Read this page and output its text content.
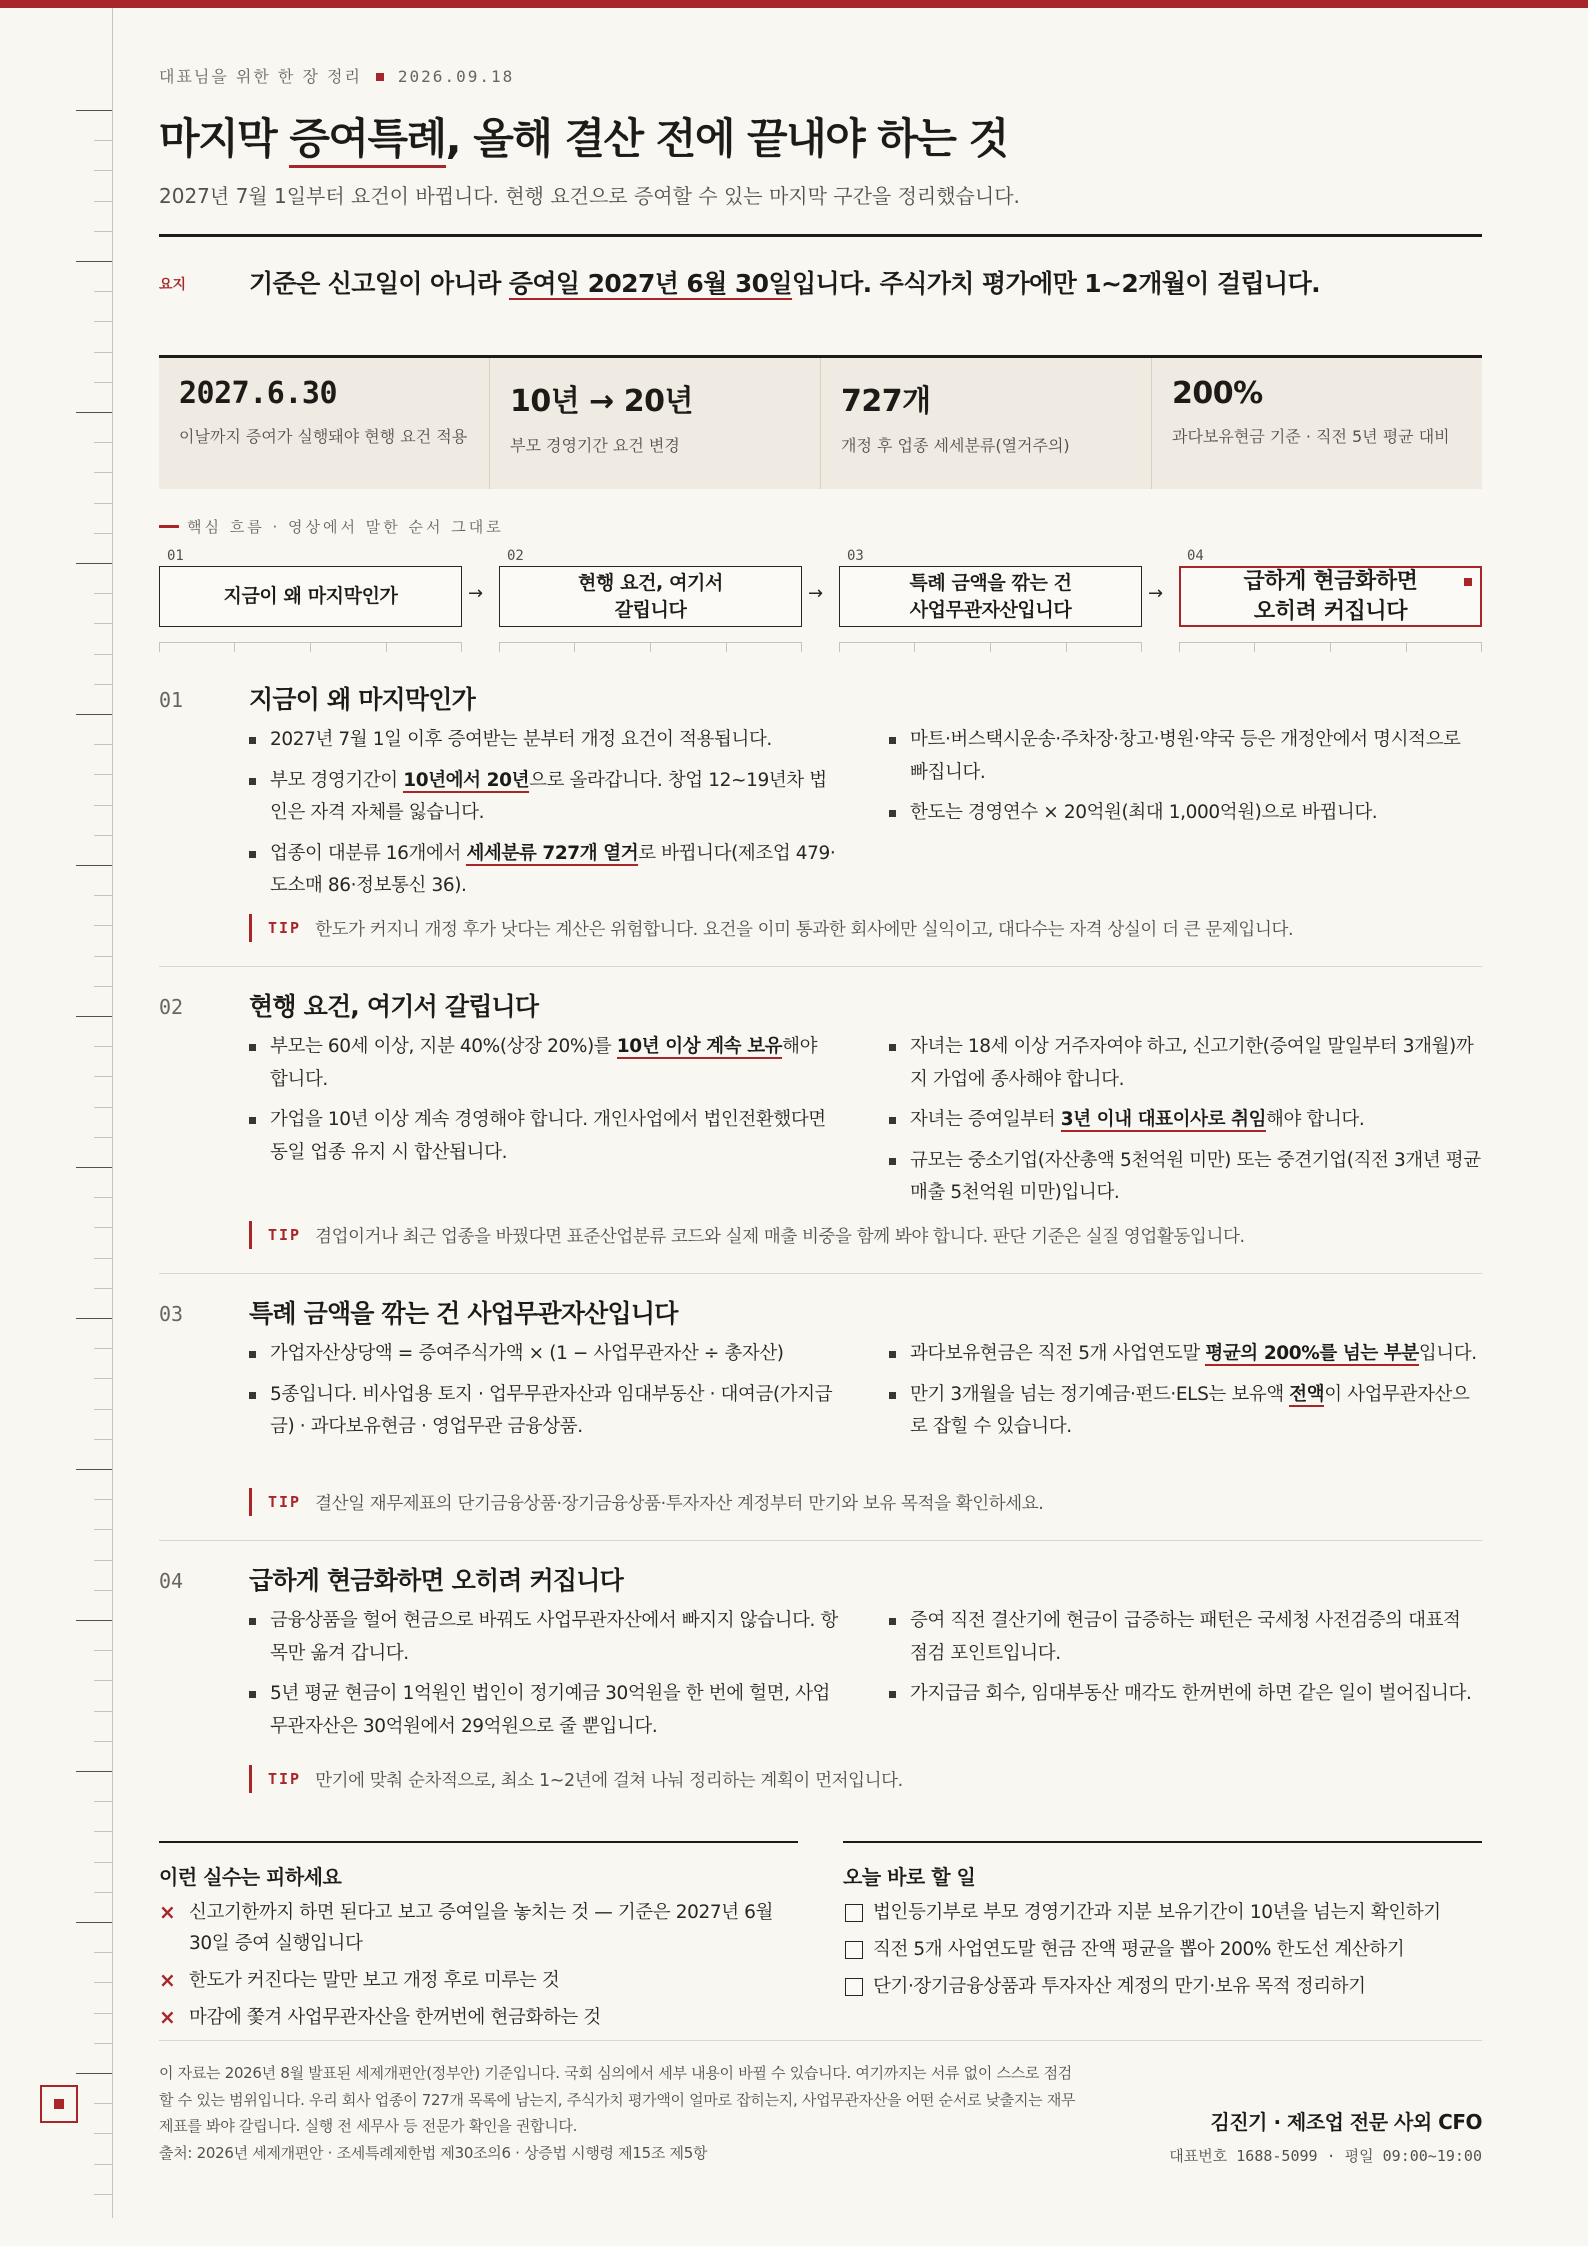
대표님을 위한 한 장 정리 2026.09.18
마지막 증여특례, 올해 결산 전에 끝내야 하는 것
2027년 7월 1일부터 요건이 바뀝니다. 현행 요건으로 증여할 수 있는 마지막 구간을 정리했습니다.
요지	기준은 신고일이 아니라 증여일 2027년 6월 30일입니다. 주식가치 평가에만 1~2개월이 걸립니다.
2027.6.30
이날까지 증여가 실행돼야 현행 요건 적용
10년 → 20년
부모 경영기간 요건 변경
727개
개정 후 업종 세세분류(열거주의)
200%
과다보유현금 기준 · 직전 5년 평균 대비
핵심 흐름 · 영상에서 말한 순서 그대로
01	02	03	04
지금이 왜 마지막인가
현행 요건, 여기서
갈립니다
특례 금액을 깎는 건
사업무관자산입니다
급하게 현금화하면
오히려 커집니다
→	→	→
01	지금이 왜 마지막인가
2027년 7월 1일 이후 증여받는 분부터 개정 요건이 적용됩니다.
부모 경영기간이 10년에서 20년으로 올라갑니다. 창업 12~19년차 법인은 자격 자체를 잃습니다.
업종이 대분류 16개에서 세세분류 727개 열거로 바뀝니다(제조업 479·도소매 86·정보통신 36).
마트·버스택시운송·주차장·창고·병원·약국 등은 개정안에서 명시적으로 빠집니다.
한도는 경영연수 × 20억원(최대 1,000억원)으로 바뀝니다.
TIP 한도가 커지니 개정 후가 낫다는 계산은 위험합니다. 요건을 이미 통과한 회사에만 실익이고, 대다수는 자격 상실이 더 큰 문제입니다.
02	현행 요건, 여기서 갈립니다
부모는 60세 이상, 지분 40%(상장 20%)를 10년 이상 계속 보유해야 합니다.
가업을 10년 이상 계속 경영해야 합니다. 개인사업에서 법인전환했다면 동일 업종 유지 시 합산됩니다.
자녀는 18세 이상 거주자여야 하고, 신고기한(증여일 말일부터 3개월)까지 가업에 종사해야 합니다.
자녀는 증여일부터 3년 이내 대표이사로 취임해야 합니다.
규모는 중소기업(자산총액 5천억원 미만) 또는 중견기업(직전 3개년 평균매출 5천억원 미만)입니다.
TIP 겸업이거나 최근 업종을 바꿨다면 표준산업분류 코드와 실제 매출 비중을 함께 봐야 합니다. 판단 기준은 실질 영업활동입니다.
03	특례 금액을 깎는 건 사업무관자산입니다
가업자산상당액 = 증여주식가액 × (1 − 사업무관자산 ÷ 총자산)
5종입니다. 비사업용 토지 · 업무무관자산과 임대부동산 · 대여금(가지급금) · 과다보유현금 · 영업무관 금융상품.
과다보유현금은 직전 5개 사업연도말 평균의 200%를 넘는 부분입니다.
만기 3개월을 넘는 정기예금·펀드·ELS는 보유액 전액이 사업무관자산으로 잡힐 수 있습니다.
TIP 결산일 재무제표의 단기금융상품·장기금융상품·투자자산 계정부터 만기와 보유 목적을 확인하세요.
04	급하게 현금화하면 오히려 커집니다
금융상품을 헐어 현금으로 바꿔도 사업무관자산에서 빠지지 않습니다. 항목만 옮겨 갑니다.
5년 평균 현금이 1억원인 법인이 정기예금 30억원을 한 번에 헐면, 사업무관자산은 30억원에서 29억원으로 줄 뿐입니다.
증여 직전 결산기에 현금이 급증하는 패턴은 국세청 사전검증의 대표적 점검 포인트입니다.
가지급금 회수, 임대부동산 매각도 한꺼번에 하면 같은 일이 벌어집니다.
TIP 만기에 맞춰 순차적으로, 최소 1~2년에 걸쳐 나눠 정리하는 계획이 먼저입니다.
이런 실수는 피하세요
× 신고기한까지 하면 된다고 보고 증여일을 놓치는 것 — 기준은 2027년 6월 30일 증여 실행입니다
× 한도가 커진다는 말만 보고 개정 후로 미루는 것
× 마감에 쫓겨 사업무관자산을 한꺼번에 현금화하는 것
오늘 바로 할 일
법인등기부로 부모 경영기간과 지분 보유기간이 10년을 넘는지 확인하기
직전 5개 사업연도말 현금 잔액 평균을 뽑아 200% 한도선 계산하기
단기·장기금융상품과 투자자산 계정의 만기·보유 목적 정리하기
이 자료는 2026년 8월 발표된 세제개편안(정부안) 기준입니다. 국회 심의에서 세부 내용이 바뀔 수 있습니다. 여기까지는 서류 없이 스스로 점검할 수 있는 범위입니다. 우리 회사 업종이 727개 목록에 남는지, 주식가치 평가액이 얼마로 잡히는지, 사업무관자산을 어떤 순서로 낮출지는 재무제표를 봐야 갈립니다. 실행 전 세무사 등 전문가 확인을 권합니다.
출처: 2026년 세제개편안 · 조세특례제한법 제30조의6 · 상증법 시행령 제15조 제5항
김진기 · 제조업 전문 사외 CFO
대표번호 1688-5099 · 평일 09:00~19:00
